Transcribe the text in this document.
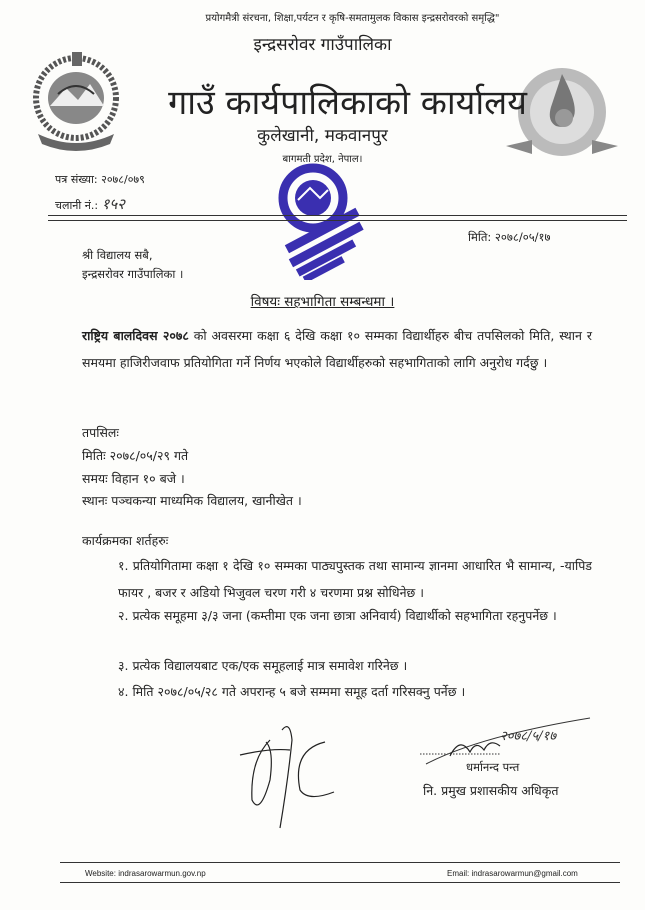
प्रयोगमैत्री संरचना, शिक्षा,पर्यटन र कृषि-समतामुलक विकास इन्द्रसरोवरको समृद्धि"
इन्द्रसरोवर गाउँपालिका
गाउँ कार्यपालिकाको कार्यालय
कुलेखानी, मकवानपुर
बागमती प्रदेश, नेपाल।
पत्र संख्या: २०७८/०७९
चलानी नं.: १५२
मिति: २०७८/०५/१७
श्री विद्यालय सबै,
इन्द्रसरोवर गाउँपालिका ।
विषयः सहभागिता सम्बन्धमा ।
राष्ट्रिय बालदिवस २०७८ को अवसरमा कक्षा ६ देखि कक्षा १० सम्मका विद्यार्थीहरु बीच तपसिलको मिति, स्थान र समयमा हाजिरीजवाफ प्रतियोगिता गर्ने निर्णय भएकोले विद्यार्थीहरुको सहभागिताको लागि अनुरोध गर्दछु ।
तपसिलः
मितिः २०७८/०५/२९ गते
समयः विहान १० बजे ।
स्थानः पञ्चकन्या माध्यमिक विद्यालय, खानीखेत ।
कार्यक्रमका शर्तहरुः
१. प्रतियोगितामा कक्षा १ देखि १० सम्मका पाठ्यपुस्तक तथा सामान्य ज्ञानमा आधारित भै सामान्य, -यापिड फायर , बजर र अडियो भिजुवल चरण गरी ४ चरणमा प्रश्न सोधिनेछ ।
२. प्रत्येक समूहमा ३/३ जना (कम्तीमा एक जना छात्रा अनिवार्य) विद्यार्थीको सहभागिता रहनुपर्नेछ ।
३. प्रत्येक विद्यालयबाट एक/एक समूहलाई मात्र समावेश गरिनेछ ।
४. मिति २०७८/०५/२८ गते अपरान्ह ५ बजे सम्ममा समूह दर्ता गरिसक्नु पर्नेछ ।
२०७८/५/१७
धर्मानन्द पन्त
नि. प्रमुख प्रशासकीय अधिकृत
Website: indrasarowarmun.gov.np	Email: indrasarowarmun@gmail.com
